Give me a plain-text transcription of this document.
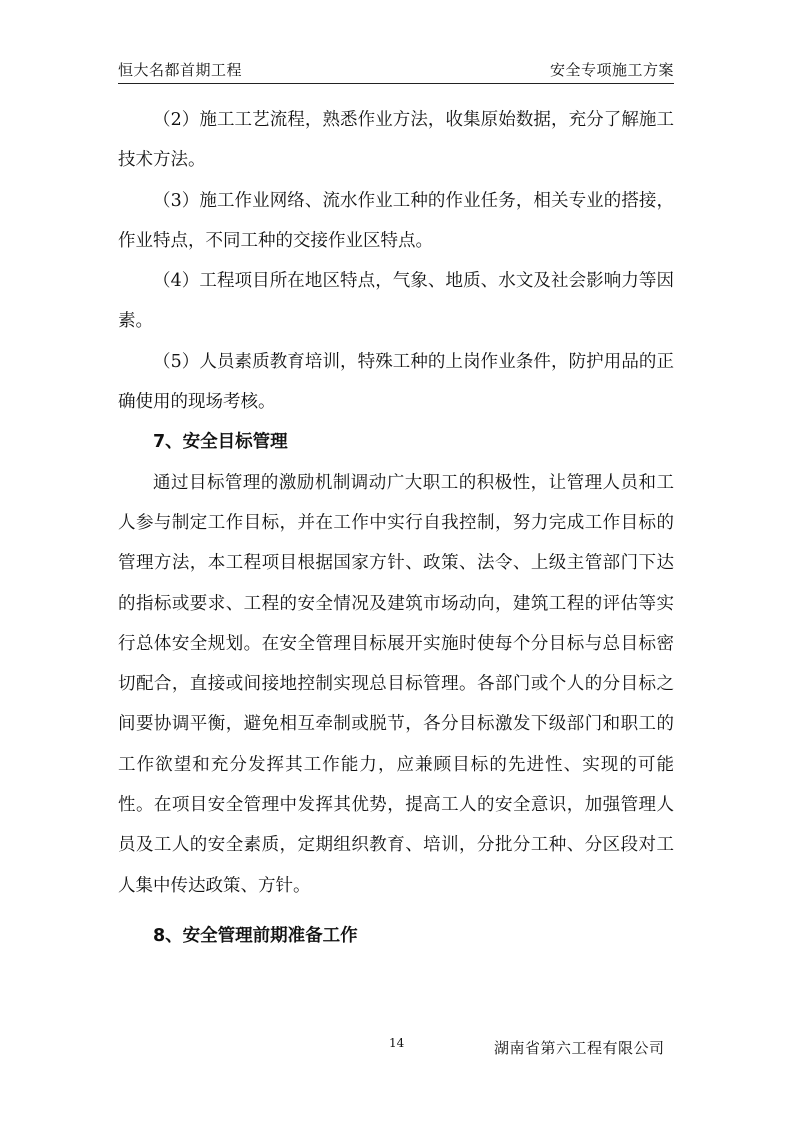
恒大名都首期工程	安全专项施工方案

（2）施工工艺流程，熟悉作业方法，收集原始数据，充分了解施工技术方法。

（3）施工作业网络、流水作业工种的作业任务，相关专业的搭接，作业特点，不同工种的交接作业区特点。

（4）工程项目所在地区特点，气象、地质、水文及社会影响力等因素。

（5）人员素质教育培训，特殊工种的上岗作业条件，防护用品的正确使用的现场考核。

7、安全目标管理

通过目标管理的激励机制调动广大职工的积极性，让管理人员和工人参与制定工作目标，并在工作中实行自我控制，努力完成工作目标的管理方法，本工程项目根据国家方针、政策、法令、上级主管部门下达的指标或要求、工程的安全情况及建筑市场动向，建筑工程的评估等实行总体安全规划。在安全管理目标展开实施时使每个分目标与总目标密切配合，直接或间接地控制实现总目标管理。各部门或个人的分目标之间要协调平衡，避免相互牵制或脱节，各分目标激发下级部门和职工的工作欲望和充分发挥其工作能力，应兼顾目标的先进性、实现的可能性。在项目安全管理中发挥其优势，提高工人的安全意识，加强管理人员及工人的安全素质，定期组织教育、培训，分批分工种、分区段对工人集中传达政策、方针。

8、安全管理前期准备工作

14	湖南省第六工程有限公司
